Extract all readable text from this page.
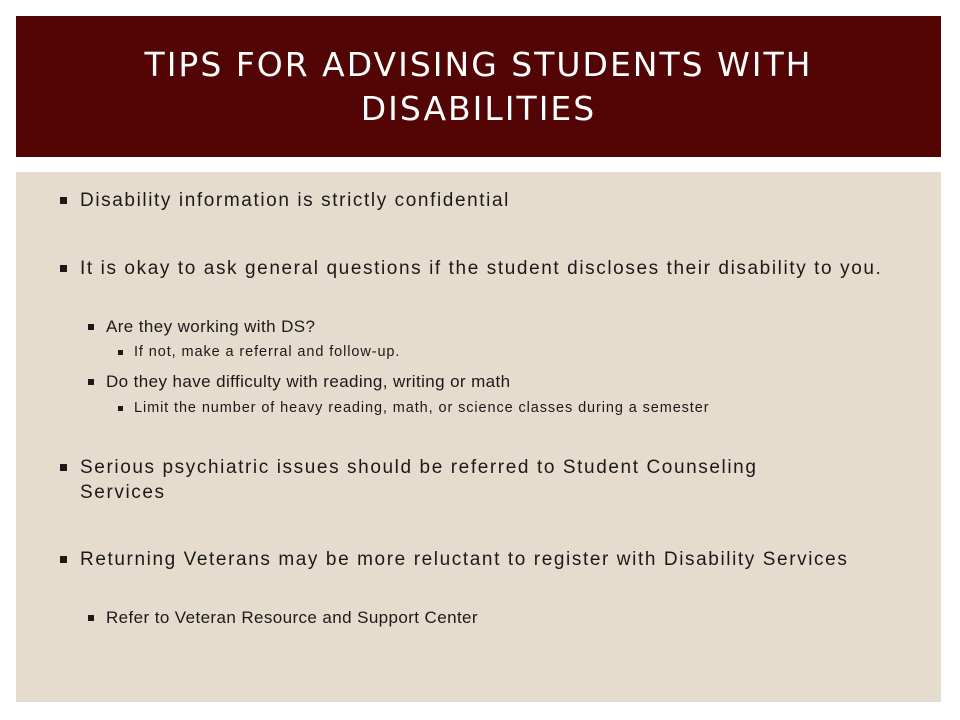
TIPS FOR ADVISING STUDENTS WITH DISABILITIES
Disability information is strictly confidential
It is okay to ask general questions if the student discloses their disability to you.
Are they working with DS?
If not, make a referral and follow-up.
Do they have difficulty with reading, writing or math
Limit the number of heavy reading, math, or science classes during a semester
Serious psychiatric issues should be referred to Student Counseling Services
Returning Veterans may be more reluctant to register with Disability Services
Refer to Veteran Resource and Support Center
